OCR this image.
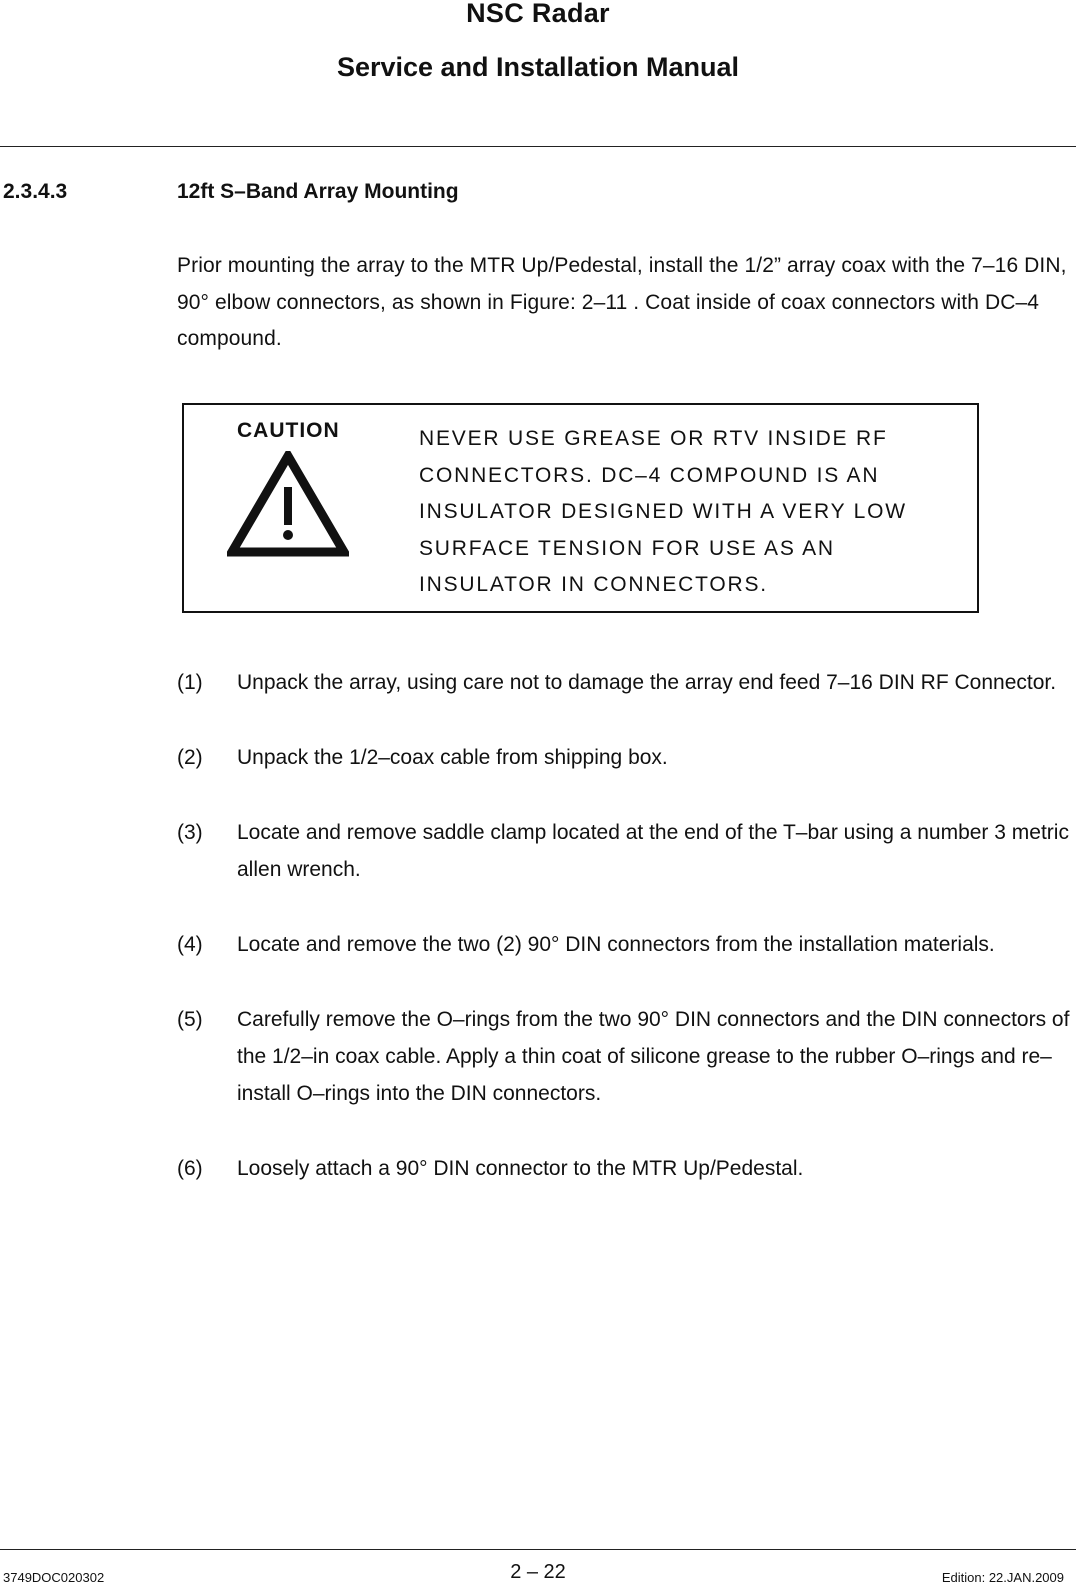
NSC Radar
Service and Installation Manual
2.3.4.3	12ft S–Band Array Mounting
Prior mounting the array to the MTR Up/Pedestal, install the 1/2” array coax with the 7–16 DIN, 90° elbow connectors, as shown in Figure: 2–11 . Coat inside of coax connectors with DC–4 compound.
CAUTION	NEVER USE GREASE OR RTV INSIDE RF CONNECTORS. DC–4 COMPOUND IS AN INSULATOR DESIGNED WITH A VERY LOW SURFACE TENSION FOR USE AS AN INSULATOR IN CONNECTORS.
(1) Unpack the array, using care not to damage the array end feed 7–16 DIN RF Connector.
(2) Unpack the 1/2–coax cable from shipping box.
(3) Locate and remove saddle clamp located at the end of the T–bar using a number 3 metric allen wrench.
(4) Locate and remove the two (2) 90° DIN connectors from the installation materials.
(5) Carefully remove the O–rings from the two 90° DIN connectors and the DIN connectors of the 1/2–in coax cable. Apply a thin coat of silicone grease to the rubber O–rings and re–install O–rings into the DIN connectors.
(6) Loosely attach a 90° DIN connector to the MTR Up/Pedestal.
3749DOC020302	2 – 22	Edition: 22.JAN.2009
